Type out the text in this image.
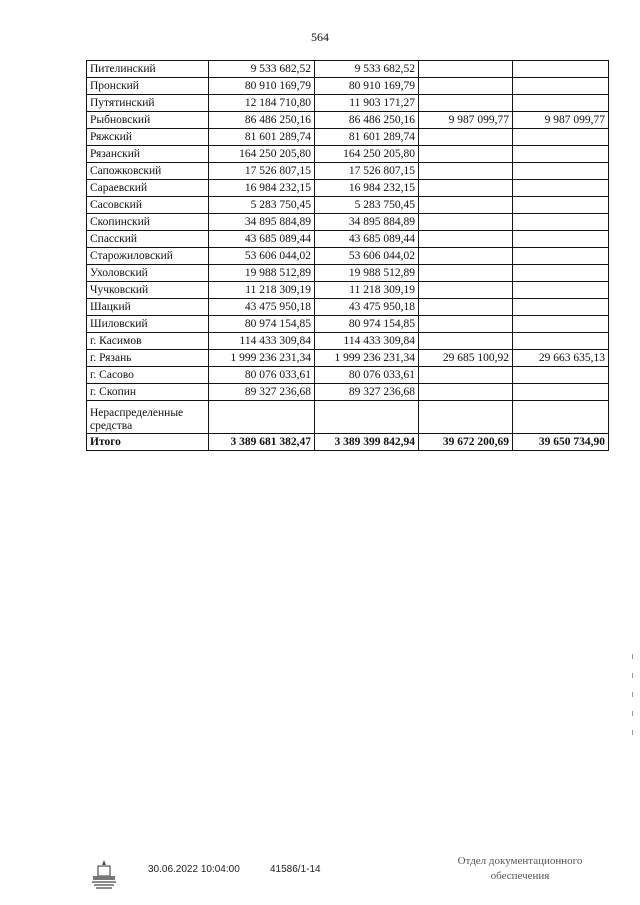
564
Пителинский	9 533 682,52	9 533 682,52		
Пронский	80 910 169,79	80 910 169,79		
Путятинский	12 184 710,80	11 903 171,27		
Рыбновский	86 486 250,16	86 486 250,16	9 987 099,77	9 987 099,77
Ряжский	81 601 289,74	81 601 289,74		
Рязанский	164 250 205,80	164 250 205,80		
Сапожковский	17 526 807,15	17 526 807,15		
Сараевский	16 984 232,15	16 984 232,15		
Сасовский	5 283 750,45	5 283 750,45		
Скопинский	34 895 884,89	34 895 884,89		
Спасский	43 685 089,44	43 685 089,44		
Старожиловский	53 606 044,02	53 606 044,02		
Ухоловский	19 988 512,89	19 988 512,89		
Чучковский	11 218 309,19	11 218 309,19		
Шацкий	43 475 950,18	43 475 950,18		
Шиловский	80 974 154,85	80 974 154,85		
г. Касимов	114 433 309,84	114 433 309,84		
г. Рязань	1 999 236 231,34	1 999 236 231,34	29 685 100,92	29 663 635,13
г. Сасово	80 076 033,61	80 076 033,61		
г. Скопин	89 327 236,68	89 327 236,68		
Нераспределенные средства				
Итого	3 389 681 382,47	3 389 399 842,94	39 672 200,69	39 650 734,90
30.06.2022 10:04:00	41586/1-14
Отдел документационного
обеспечения
